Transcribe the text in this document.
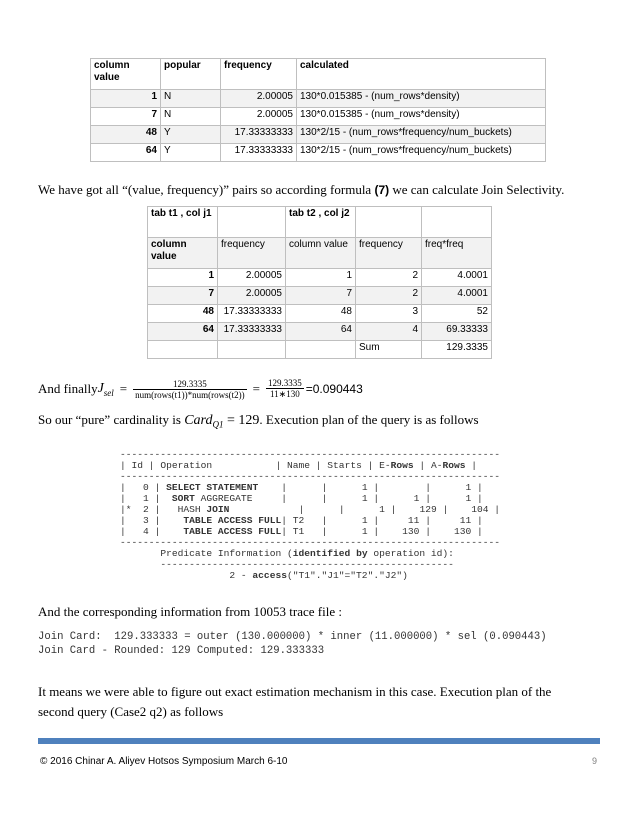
column value	popular	frequency	calculated
1	N	2.00005	130*0.015385 - (num_rows*density)
7	N	2.00005	130*0.015385 - (num_rows*density)
48	Y	17.33333333	130*2/15 - (num_rows*frequency/num_buckets)
64	Y	17.33333333	130*2/15 - (num_rows*frequency/num_buckets)
We have got all “(value, frequency)” pairs so according formula (7) we can calculate Join Selectivity.
tab t1 , col j1		tab t2 , col j2		
column value	frequency	column value	frequency	freq*freq
1	2.00005	1	2	4.0001
7	2.00005	7	2	4.0001
48	17.33333333	48	3	52
64	17.33333333	64	4	69.33333
			Sum	129.3335
And finally $J_{sel} = \frac{129.3335}{\text{num(rows(t1))*num(rows(t2))}} = \frac{129.3335}{11∗130} =0.090443$
So our “pure” cardinality is Card$_{Q1}$ = 129. Execution plan of the query is as follows

------------------------------------------------------------------
| Id | Operation           | Name | Starts | E-Rows | A-Rows |
------------------------------------------------------------------
|   0 | SELECT STATEMENT    |      |      1 |        |      1 |
|   1 |  SORT AGGREGATE     |      |      1 |      1 |      1 |
|* 2 |   HASH JOIN            |      |      1 |    129 |    104 |
|   3 |    TABLE ACCESS FULL| T2   |      1 |     11 |     11 |
|   4 |    TABLE ACCESS FULL| T1   |      1 |    130 |    130 |
------------------------------------------------------------------
Predicate Information (identified by operation id):
---------------------------------------------------
2 - access("T1"."J1"="T2"."J2")

And the corresponding information from 10053 trace file :
Join Card:  129.333333 = outer (130.000000) * inner (11.000000) * sel (0.090443)
Join Card - Rounded: 129 Computed: 129.333333
It means we were able to figure out exact estimation mechanism in this case. Execution plan of the
second query (Case2 q2) as follows
© 2016 Chinar A. Aliyev Hotsos Symposium March 6-10	9
